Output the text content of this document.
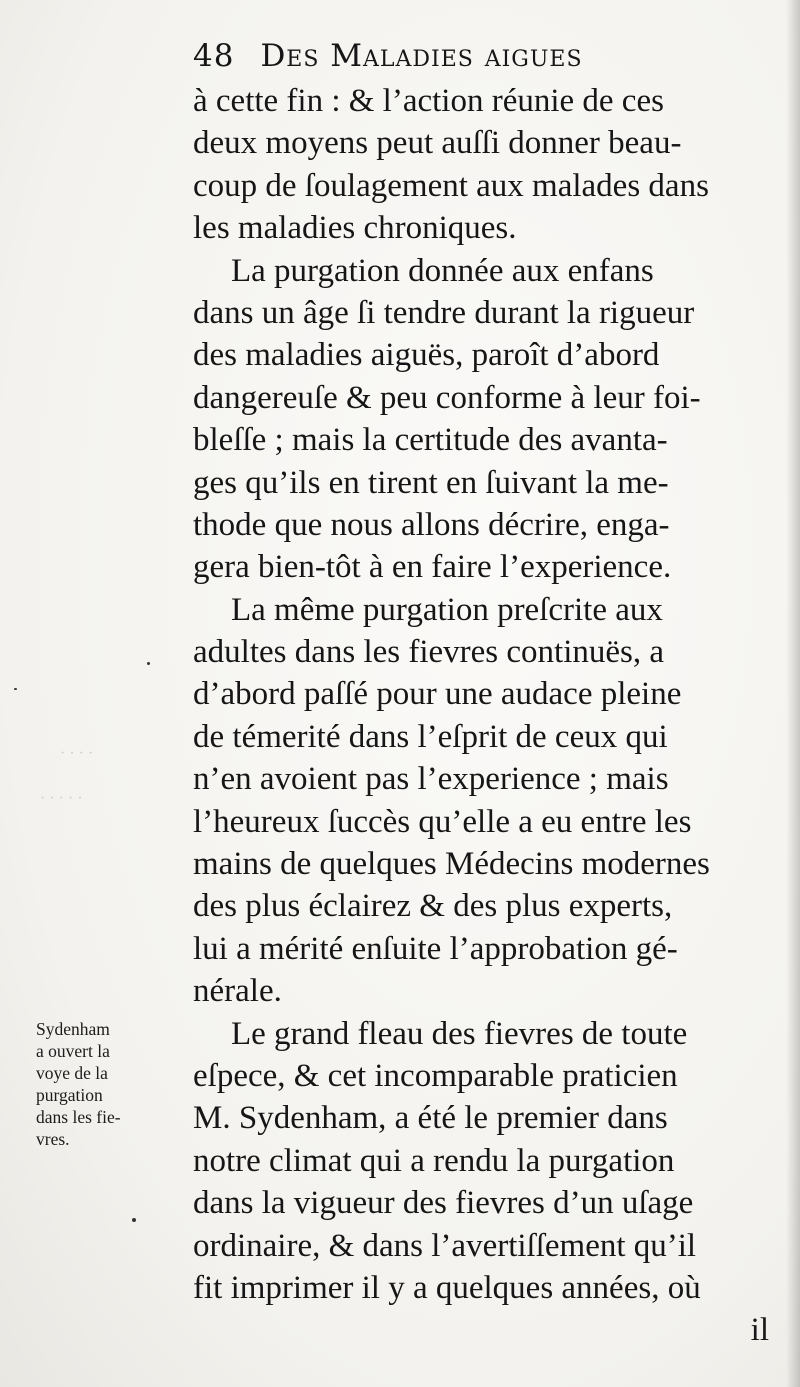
· · · ·
· · · · ·
48 Des Maladies aigues
à cette fin : & l’action réunie de ces
deux moyens peut auſſi donner beau-
coup de ſoulagement aux malades dans
les maladies chroniques.
La purgation donnée aux enfans
dans un âge ſi tendre durant la rigueur
des maladies aiguës, paroît d’abord
dangereuſe & peu conforme à leur foi-
bleſſe ; mais la certitude des avanta-
ges qu’ils en tirent en ſuivant la me-
thode que nous allons décrire, enga-
gera bien-tôt à en faire l’experience.
La même purgation preſcrite aux
adultes dans les fievres continuës, a
d’abord paſſé pour une audace pleine
de témerité dans l’eſprit de ceux qui
n’en avoient pas l’experience ; mais
l’heureux ſuccès qu’elle a eu entre les
mains de quelques Médecins modernes
des plus éclairez & des plus experts,
lui a mérité enſuite l’approbation gé-
nérale.
Le grand fleau des fievres de toute
eſpece, & cet incomparable praticien
M. Sydenham, a été le premier dans
notre climat qui a rendu la purgation
dans la vigueur des fievres d’un uſage
ordinaire, & dans l’avertiſſement qu’il
fit imprimer il y a quelques années, où
il
Sydenham
a ouvert la
voye de la
purgation
dans les fie-
vres.
